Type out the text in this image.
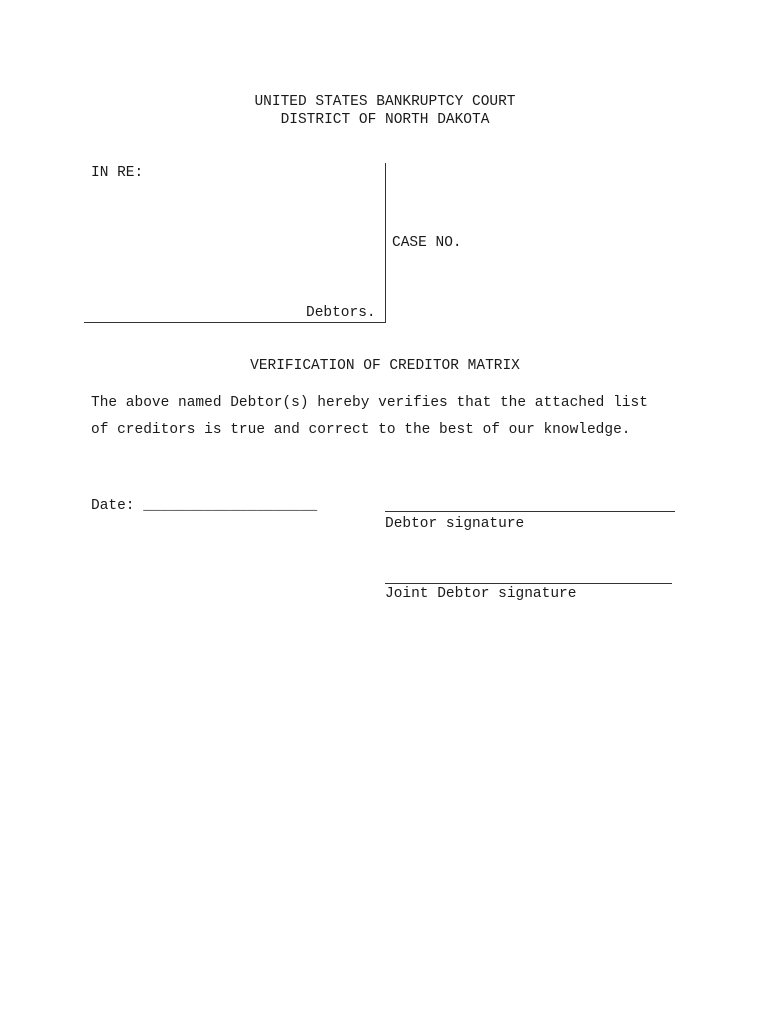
UNITED STATES BANKRUPTCY COURT
DISTRICT OF NORTH DAKOTA
IN RE:
CASE NO.
Debtors.
VERIFICATION OF CREDITOR MATRIX
The above named Debtor(s) hereby verifies that the attached list
of creditors is true and correct to the best of our knowledge.
Date: ____________________
Debtor signature
Joint Debtor signature
